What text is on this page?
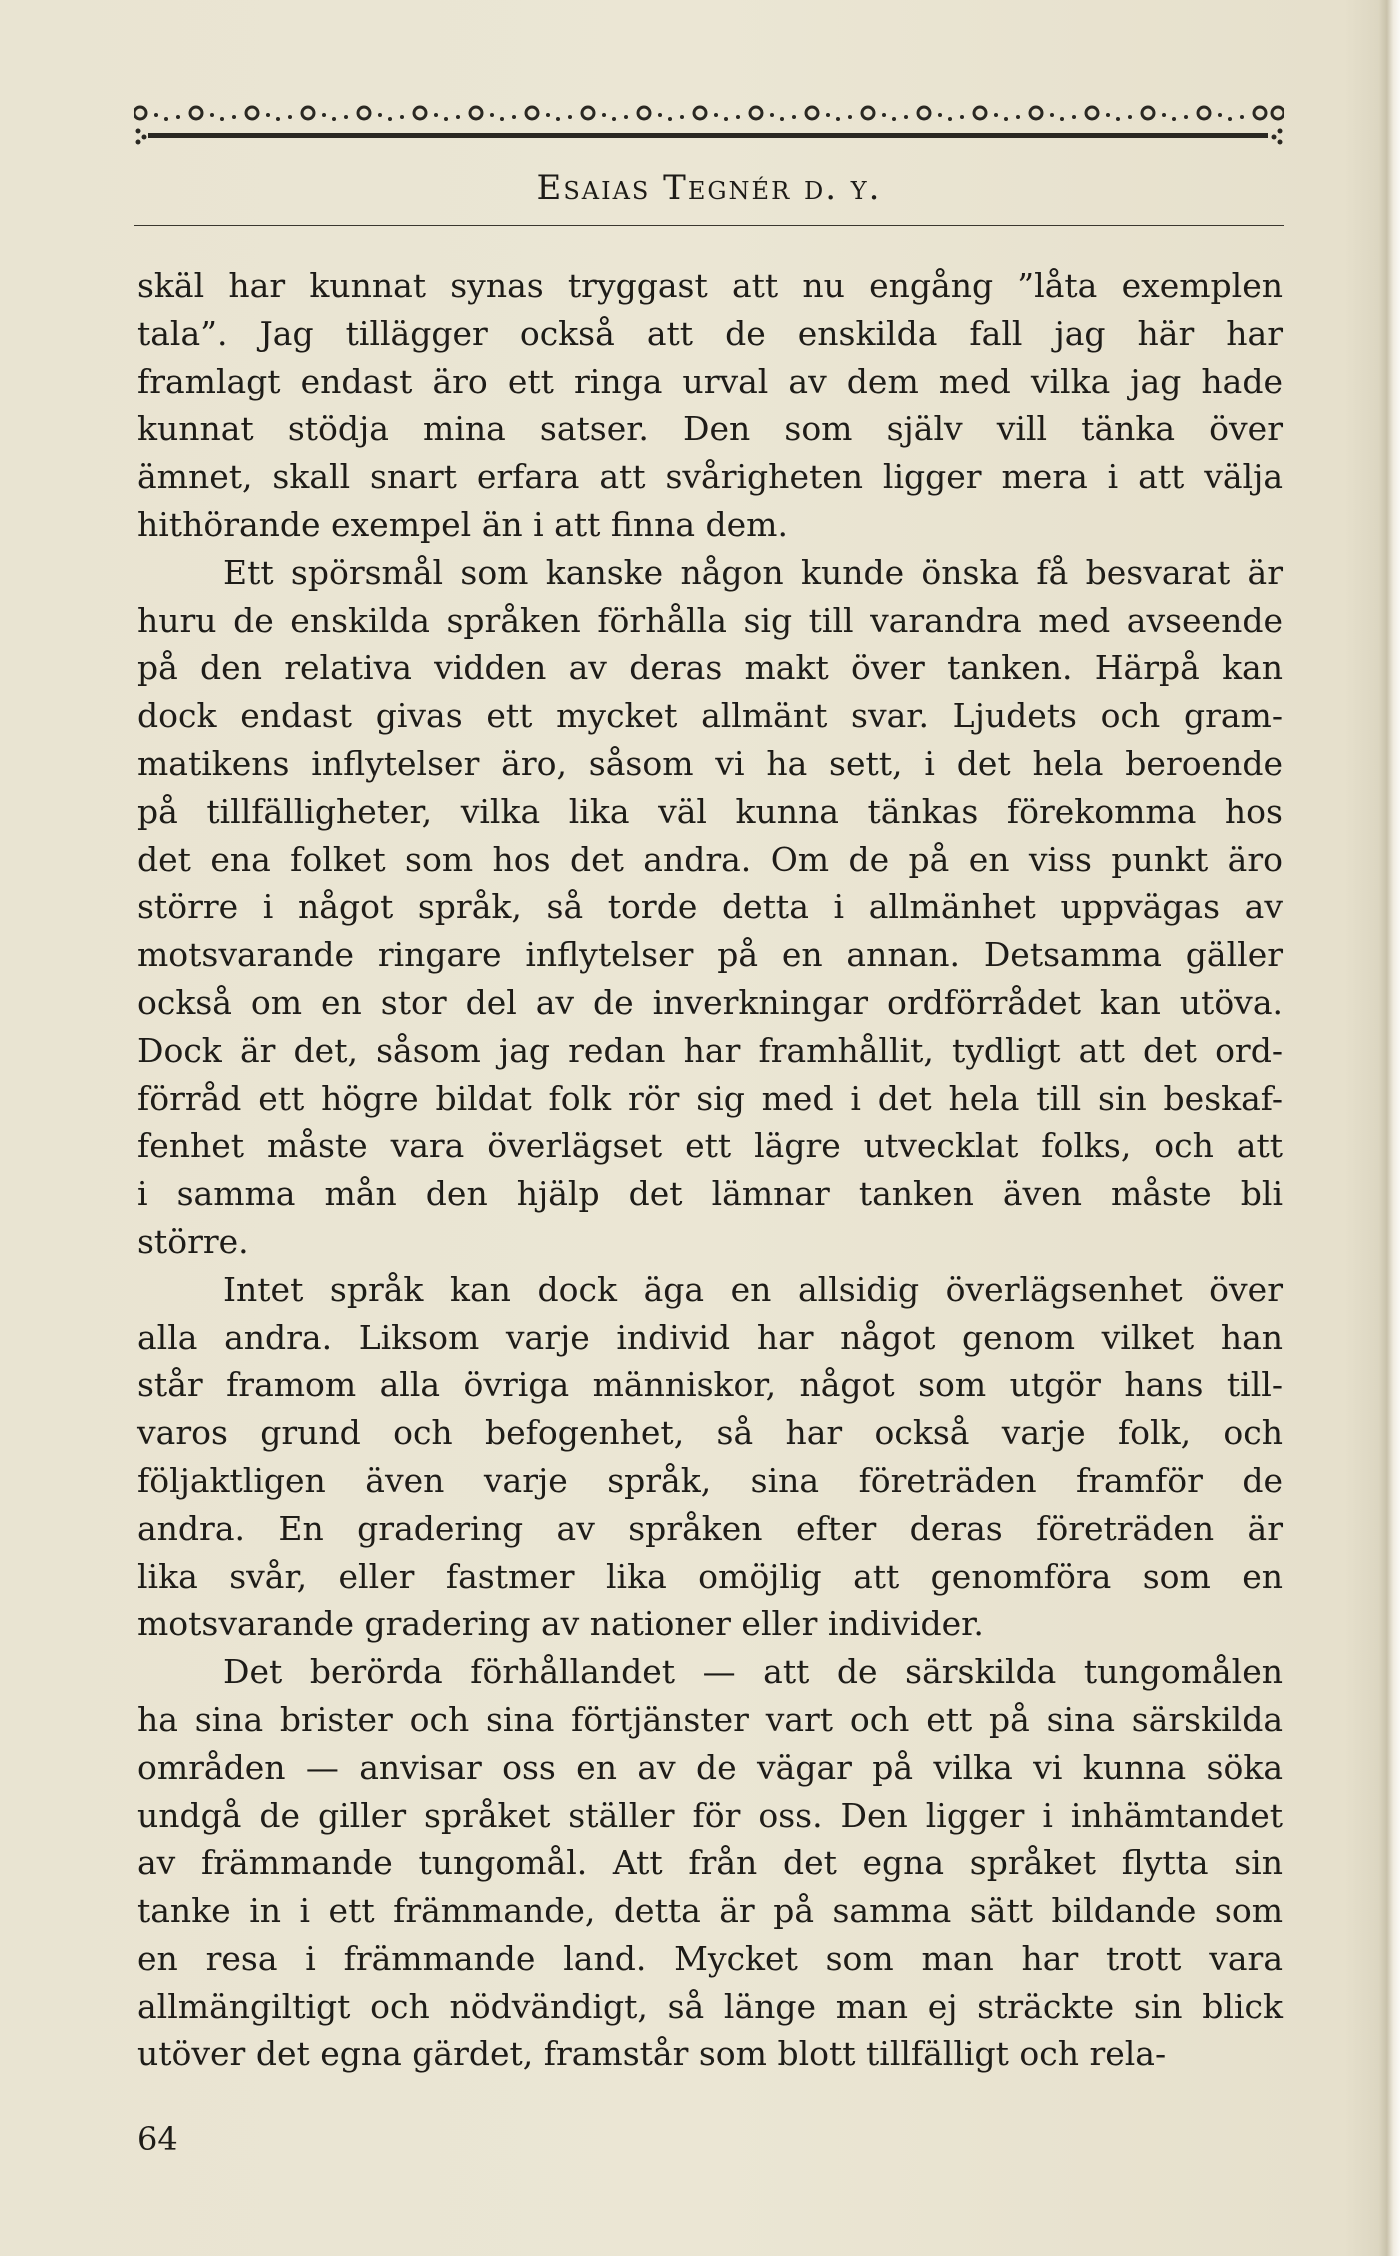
Esaias Tegnér d. y.
skäl har kunnat synas tryggast att nu engång ”låta exemplen
tala”. Jag tillägger också att de enskilda fall jag här har
framlagt endast äro ett ringa urval av dem med vilka jag hade
kunnat stödja mina satser. Den som själv vill tänka över
ämnet, skall snart erfara att svårigheten ligger mera i att välja
hithörande exempel än i att finna dem.
Ett spörsmål som kanske någon kunde önska få besvarat är
huru de enskilda språken förhålla sig till varandra med avseende
på den relativa vidden av deras makt över tanken. Härpå kan
dock endast givas ett mycket allmänt svar. Ljudets och gram-
matikens inflytelser äro, såsom vi ha sett, i det hela beroende
på tillfälligheter, vilka lika väl kunna tänkas förekomma hos
det ena folket som hos det andra. Om de på en viss punkt äro
större i något språk, så torde detta i allmänhet uppvägas av
motsvarande ringare inflytelser på en annan. Detsamma gäller
också om en stor del av de inverkningar ordförrådet kan utöva.
Dock är det, såsom jag redan har framhållit, tydligt att det ord-
förråd ett högre bildat folk rör sig med i det hela till sin beskaf-
fenhet måste vara överlägset ett lägre utvecklat folks, och att
i samma mån den hjälp det lämnar tanken även måste bli
större.
Intet språk kan dock äga en allsidig överlägsenhet över
alla andra. Liksom varje individ har något genom vilket han
står framom alla övriga människor, något som utgör hans till-
varos grund och befogenhet, så har också varje folk, och
följaktligen även varje språk, sina företräden framför de
andra. En gradering av språken efter deras företräden är
lika svår, eller fastmer lika omöjlig att genomföra som en
motsvarande gradering av nationer eller individer.
Det berörda förhållandet — att de särskilda tungomålen
ha sina brister och sina förtjänster vart och ett på sina särskilda
områden — anvisar oss en av de vägar på vilka vi kunna söka
undgå de giller språket ställer för oss. Den ligger i inhämtandet
av främmande tungomål. Att från det egna språket flytta sin
tanke in i ett främmande, detta är på samma sätt bildande som
en resa i främmande land. Mycket som man har trott vara
allmängiltigt och nödvändigt, så länge man ej sträckte sin blick
utöver det egna gärdet, framstår som blott tillfälligt och rela-
64
